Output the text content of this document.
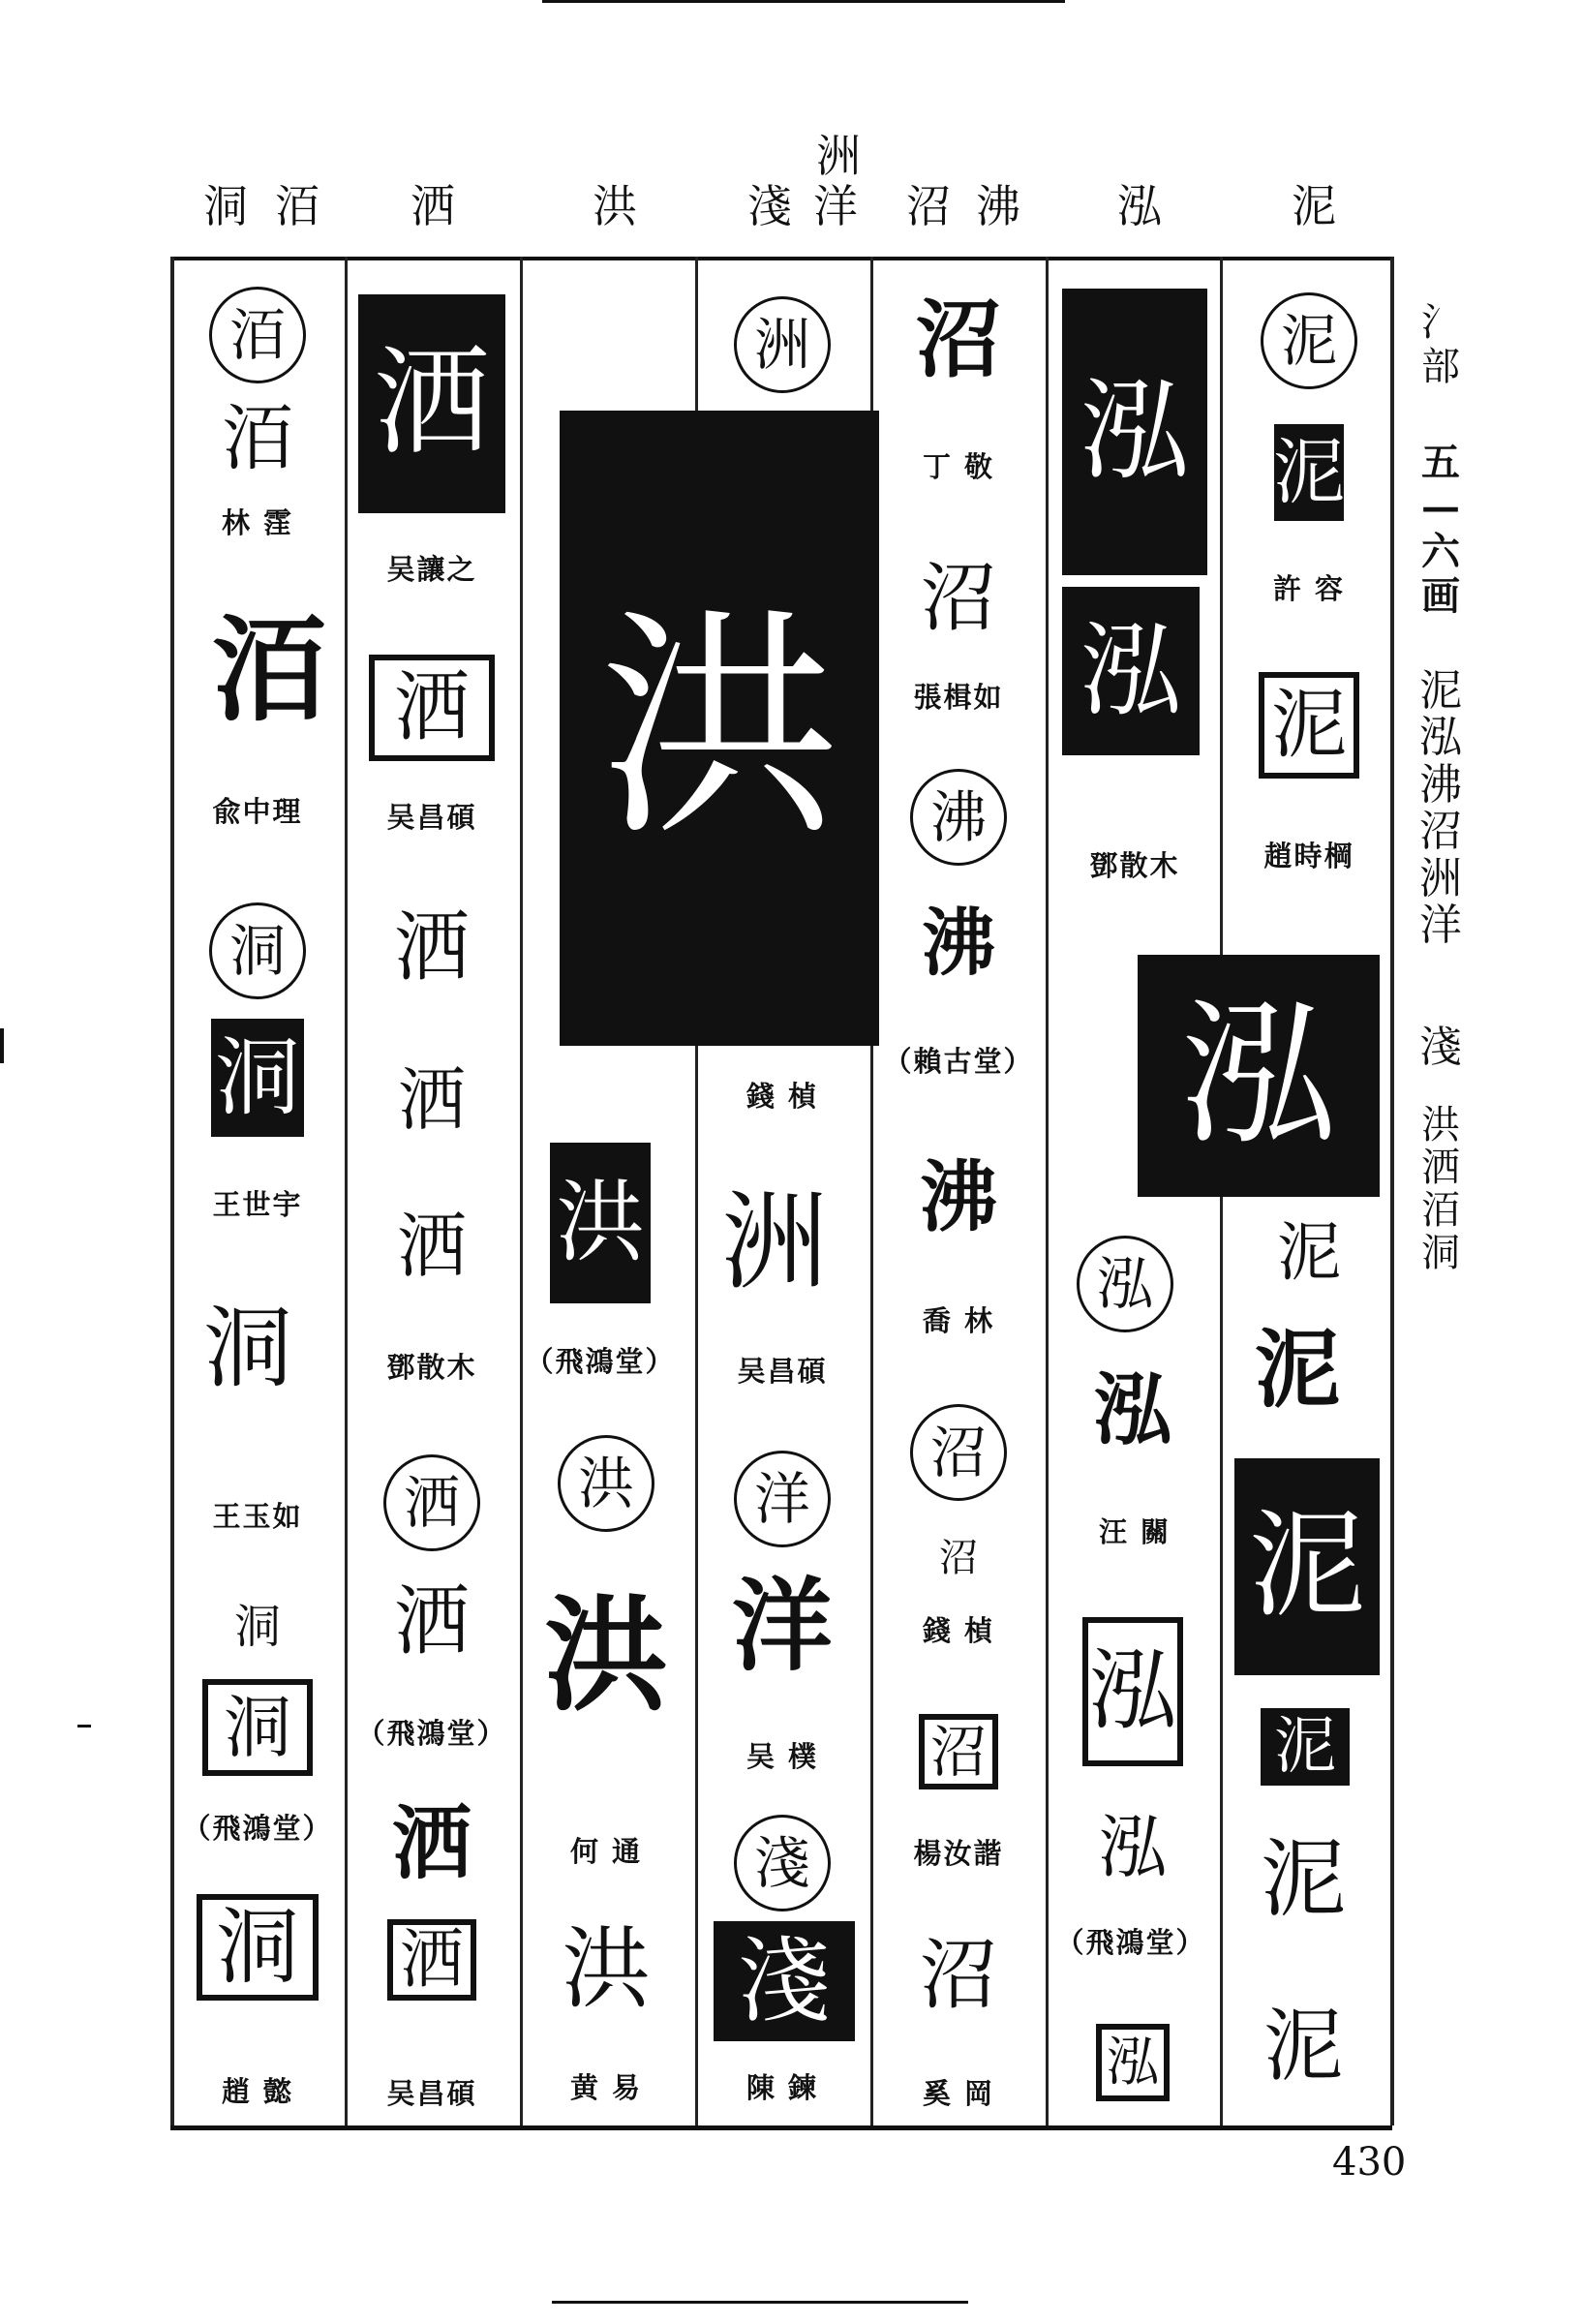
洞 洦 洒	洪 淺 洋
洲
沼 沸 泓	泥
洦
洦
林 霔
洦
兪中理
洞
洞
王世宇
洞
王玉如
洞
洞
（飛鴻堂）
洞
趙 懿
洒
吴讓之
洒
吴昌碩
洒
洒
洒
鄧散木
洒
洒
（飛鴻堂）
洒
洒
吴昌碩
洪
洪
（飛鴻堂）
洪
洪
何 通
洪
黄 易
洲
錢 楨
洲
吴昌碩
洋
洋
吴 樸
淺
淺
陳 鍊
沼
丁 敬
沼
張楫如
沸
沸
（賴古堂）
沸
喬 林
沼
沼
錢 楨
沼
楊汝諧
沼
奚 岡
泓
泓
鄧散木
泓
泓
泓
汪 關
泓
泓
（飛鴻堂）
泓
泥
泥
許 容
泥
趙時棡
泥
泥
泥
泥
泥
泥
氵部
五—六画
泥泓沸沼洲洋
淺
洪洒洦洞
430
